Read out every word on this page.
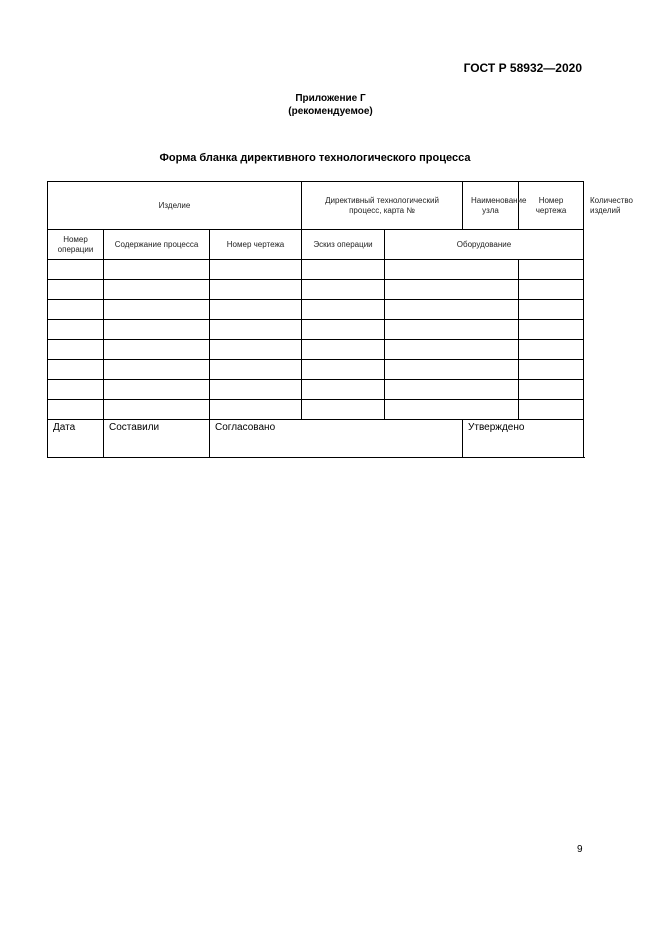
ГОСТ Р 58932—2020
Приложение Г
(рекомендуемое)
Форма бланка директивного технологического процесса
Изделие			Директивный технологический процесс, карта №		Наименование узла	Номер чертежа	Количество изделий
Номер операции	Содержание процесса	Номер чертежа	Эскиз операции	Оборудование			

Дата	Составили	Согласовано			Утверждено		
9
